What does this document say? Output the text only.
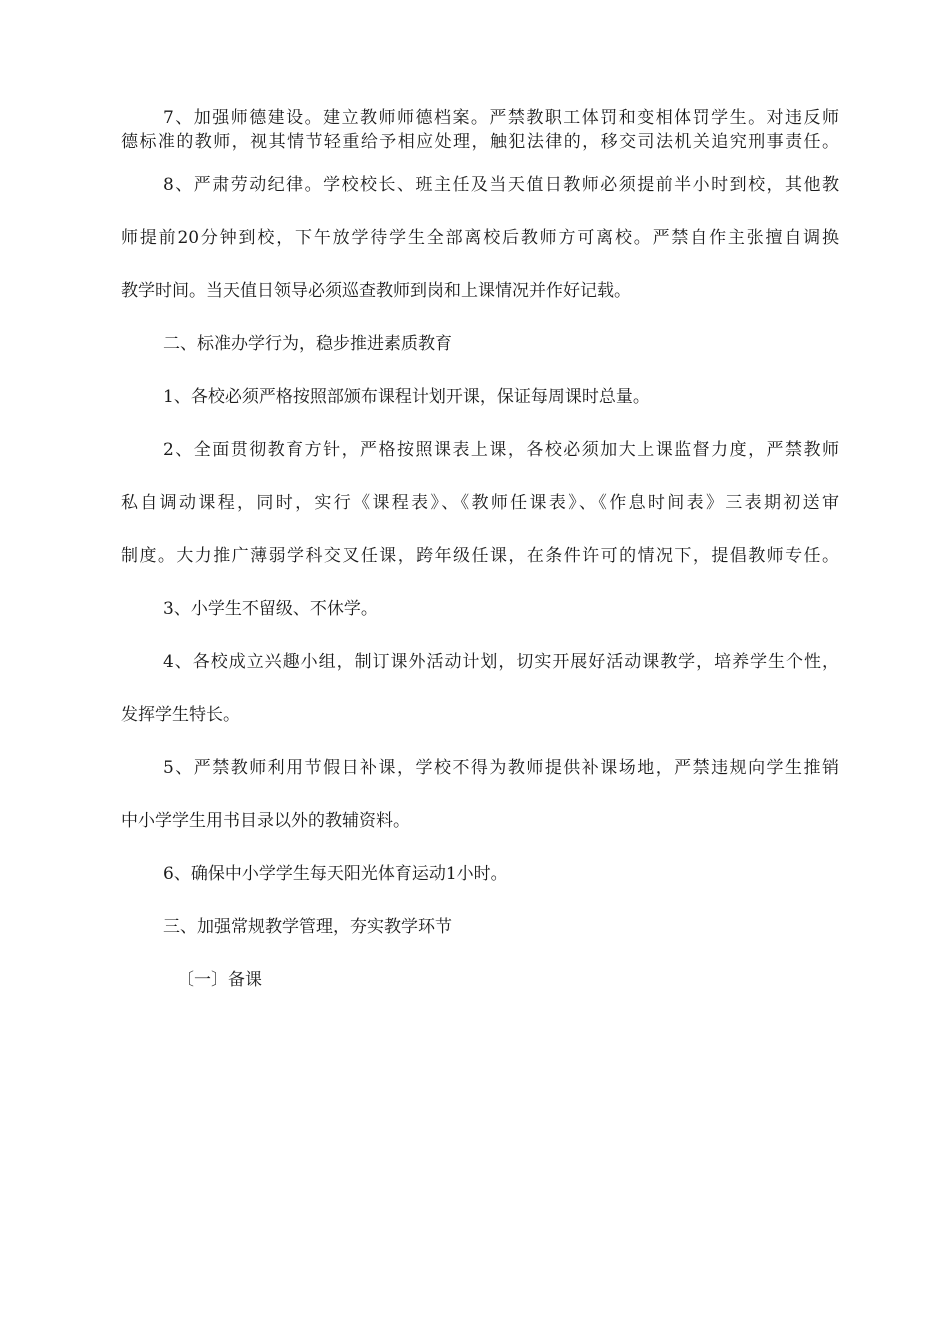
7、加强师德建设。建立教师师德档案。严禁教职工体罚和变相体罚学生。对违反师
德标准的教师，视其情节轻重给予相应处理，触犯法律的，移交司法机关追究刑事责任。
8、严肃劳动纪律。学校校长、班主任及当天值日教师必须提前半小时到校，其他教
师提前20分钟到校，下午放学待学生全部离校后教师方可离校。严禁自作主张擅自调换
教学时间。当天值日领导必须巡查教师到岗和上课情况并作好记载。
二、标准办学行为，稳步推进素质教育
1、各校必须严格按照部颁布课程计划开课，保证每周课时总量。
2、全面贯彻教育方针，严格按照课表上课，各校必须加大上课监督力度，严禁教师
私自调动课程，同时，实行《课程表》、《教师任课表》、《作息时间表》三表期初送审
制度。大力推广薄弱学科交叉任课，跨年级任课，在条件许可的情况下，提倡教师专任。
3、小学生不留级、不休学。
4、各校成立兴趣小组，制订课外活动计划，切实开展好活动课教学，培养学生个性，
发挥学生特长。
5、严禁教师利用节假日补课，学校不得为教师提供补课场地，严禁违规向学生推销
中小学学生用书目录以外的教辅资料。
6、确保中小学学生每天阳光体育运动1小时。
三、加强常规教学管理，夯实教学环节
〔一〕备课
